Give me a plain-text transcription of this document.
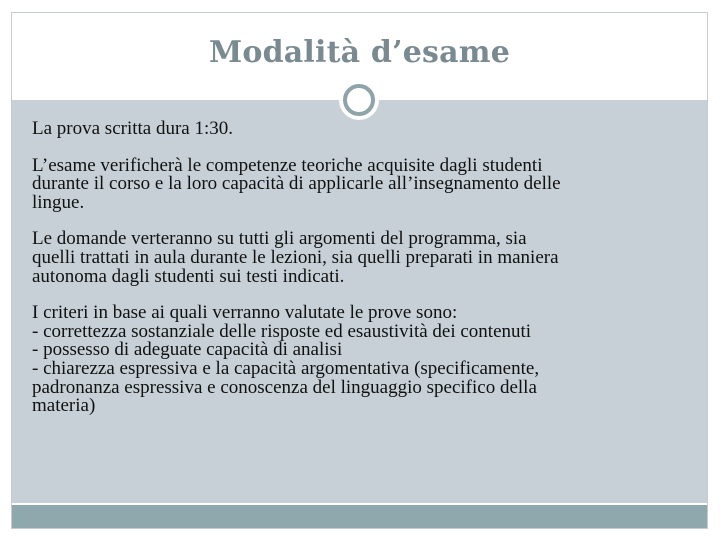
Modalità d’esame

La prova scritta dura 1:30.

L’esame verificherà le competenze teoriche acquisite dagli studenti
durante il corso e la loro capacità di applicarle all’insegnamento delle
lingue.

Le domande verteranno su tutti gli argomenti del programma, sia
quelli trattati in aula durante le lezioni, sia quelli preparati in maniera
autonoma dagli studenti sui testi indicati.

I criteri in base ai quali verranno valutate le prove sono:
- correttezza sostanziale delle risposte ed esaustività dei contenuti
- possesso di adeguate capacità di analisi
- chiarezza espressiva e la capacità argomentativa (specificamente,
padronanza espressiva e conoscenza del linguaggio specifico della
materia)
